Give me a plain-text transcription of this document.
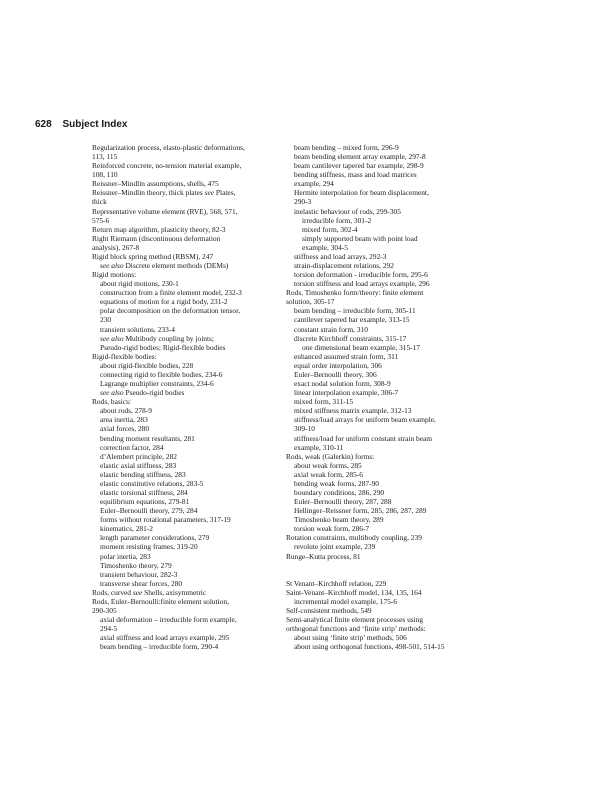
628 Subject Index
Regularization process, elasto-plastic deformations,
113, 115
Reinforced concrete, no-tension material example,
108, 110
Reissner–Mindlin assumptions, shells, 475
Reissner–Mindlin theory, thick plates see Plates,
thick
Representative volume element (RVE), 568, 571,
575-6
Return map algorithm, plasticity theory, 82-3
Right Riemann (discontinuous deformation
analysis), 267-8
Rigid block spring method (RBSM), 247
see also Discrete element methods (DEMs)
Rigid motions:
about rigid motions, 230-1
construction from a finite element model, 232-3
equations of motion for a rigid body, 231-2
polar decomposition on the deformation tensor,
230
transient solutions, 233-4
see also Multibody coupling by joints;
Pseudo-rigid bodies; Rigid-flexible bodies
Rigid-flexible bodies:
about rigid-flexible bodies, 228
connecting rigid to flexible bodies, 234-6
Lagrange multiplier constraints, 234-6
see also Pseudo-rigid bodies
Rods, basics:
about rods, 278-9
area inertia, 283
axial forces, 280
bending moment resultants, 281
correction factor, 284
d’Alembert principle, 282
elastic axial stiffness, 283
elastic bending stiffness, 283
elastic constitutive relations, 283-5
elastic torsional stiffness, 284
equilibrium equations, 279-81
Euler–Bernoulli theory, 279, 284
forms without rotational parameters, 317-19
kinematics, 281-2
length parameter considerations, 279
moment resisting frames, 319-20
polar inertia, 283
Timoshenko theory, 279
transient behaviour, 282-3
transverse shear forces, 280
Rods, curved see Shells, axisymmetric
Rods, Euler–Bernoulli:finite element solution,
290-305
axial deformation – irreducible form example,
294-5
axial stiffness and load arrays example, 295
beam bending – irreducible form, 290-4
beam bending – mixed form, 296-9
beam bending element array example, 297-8
beam cantilever tapered bar example, 298-9
bending stiffness, mass and load matrices
example, 294
Hermite interpolation for beam displacement,
290-3
inelastic behaviour of rods, 299-305
irreducible form, 301-2
mixed form, 302-4
simply supported beam with point load
example, 304-5
stiffness and load arrays, 292-3
strain-displacement relations, 292
torsion deformation - irreducible form, 295-6
torsion stiffness and load arrays example, 296
Rods, Timoshenko form/theory: finite element
solution, 305-17
beam bending – irreducible form, 305-11
cantilever tapered bar example, 313-15
constant strain form, 310
discrete Kirchhoff constraints, 315-17
one dimensional beam example, 315-17
enhanced assumed strain form, 311
equal order interpolation, 306
Euler–Bernoulli theory, 306
exact nodal solution form, 308-9
linear interpolation example, 306-7
mixed form, 311-15
mixed stiffness matrix example, 312-13
stiffness/load arrays for uniform beam example,
309-10
stiffness/load for uniform constant strain beam
example, 310-11
Rods, weak (Galerkin) forms:
about weak forms, 285
axial weak form, 285-6
bending weak forms, 287-90
boundary conditions, 286, 290
Euler–Bernoulli theory, 287, 288
Hellinger–Reissner form, 285, 286, 287, 289
Timoshenko beam theory, 289
torsion weak form, 286-7
Rotation constraints, multibody coupling, 239
revolute joint example, 239
Runge–Kutta process, 81
St Venant–Kirchhoff relation, 229
Saint-Venant–Kirchhoff model, 134, 135, 164
incremental model example, 175-6
Self-consistent methods, 549
Semi-analytical finite element processes using
orthogonal functions and ‘finite strip’ methods:
about using ‘finite strip’ methods, 506
about using orthogonal functions, 498-501, 514-15
